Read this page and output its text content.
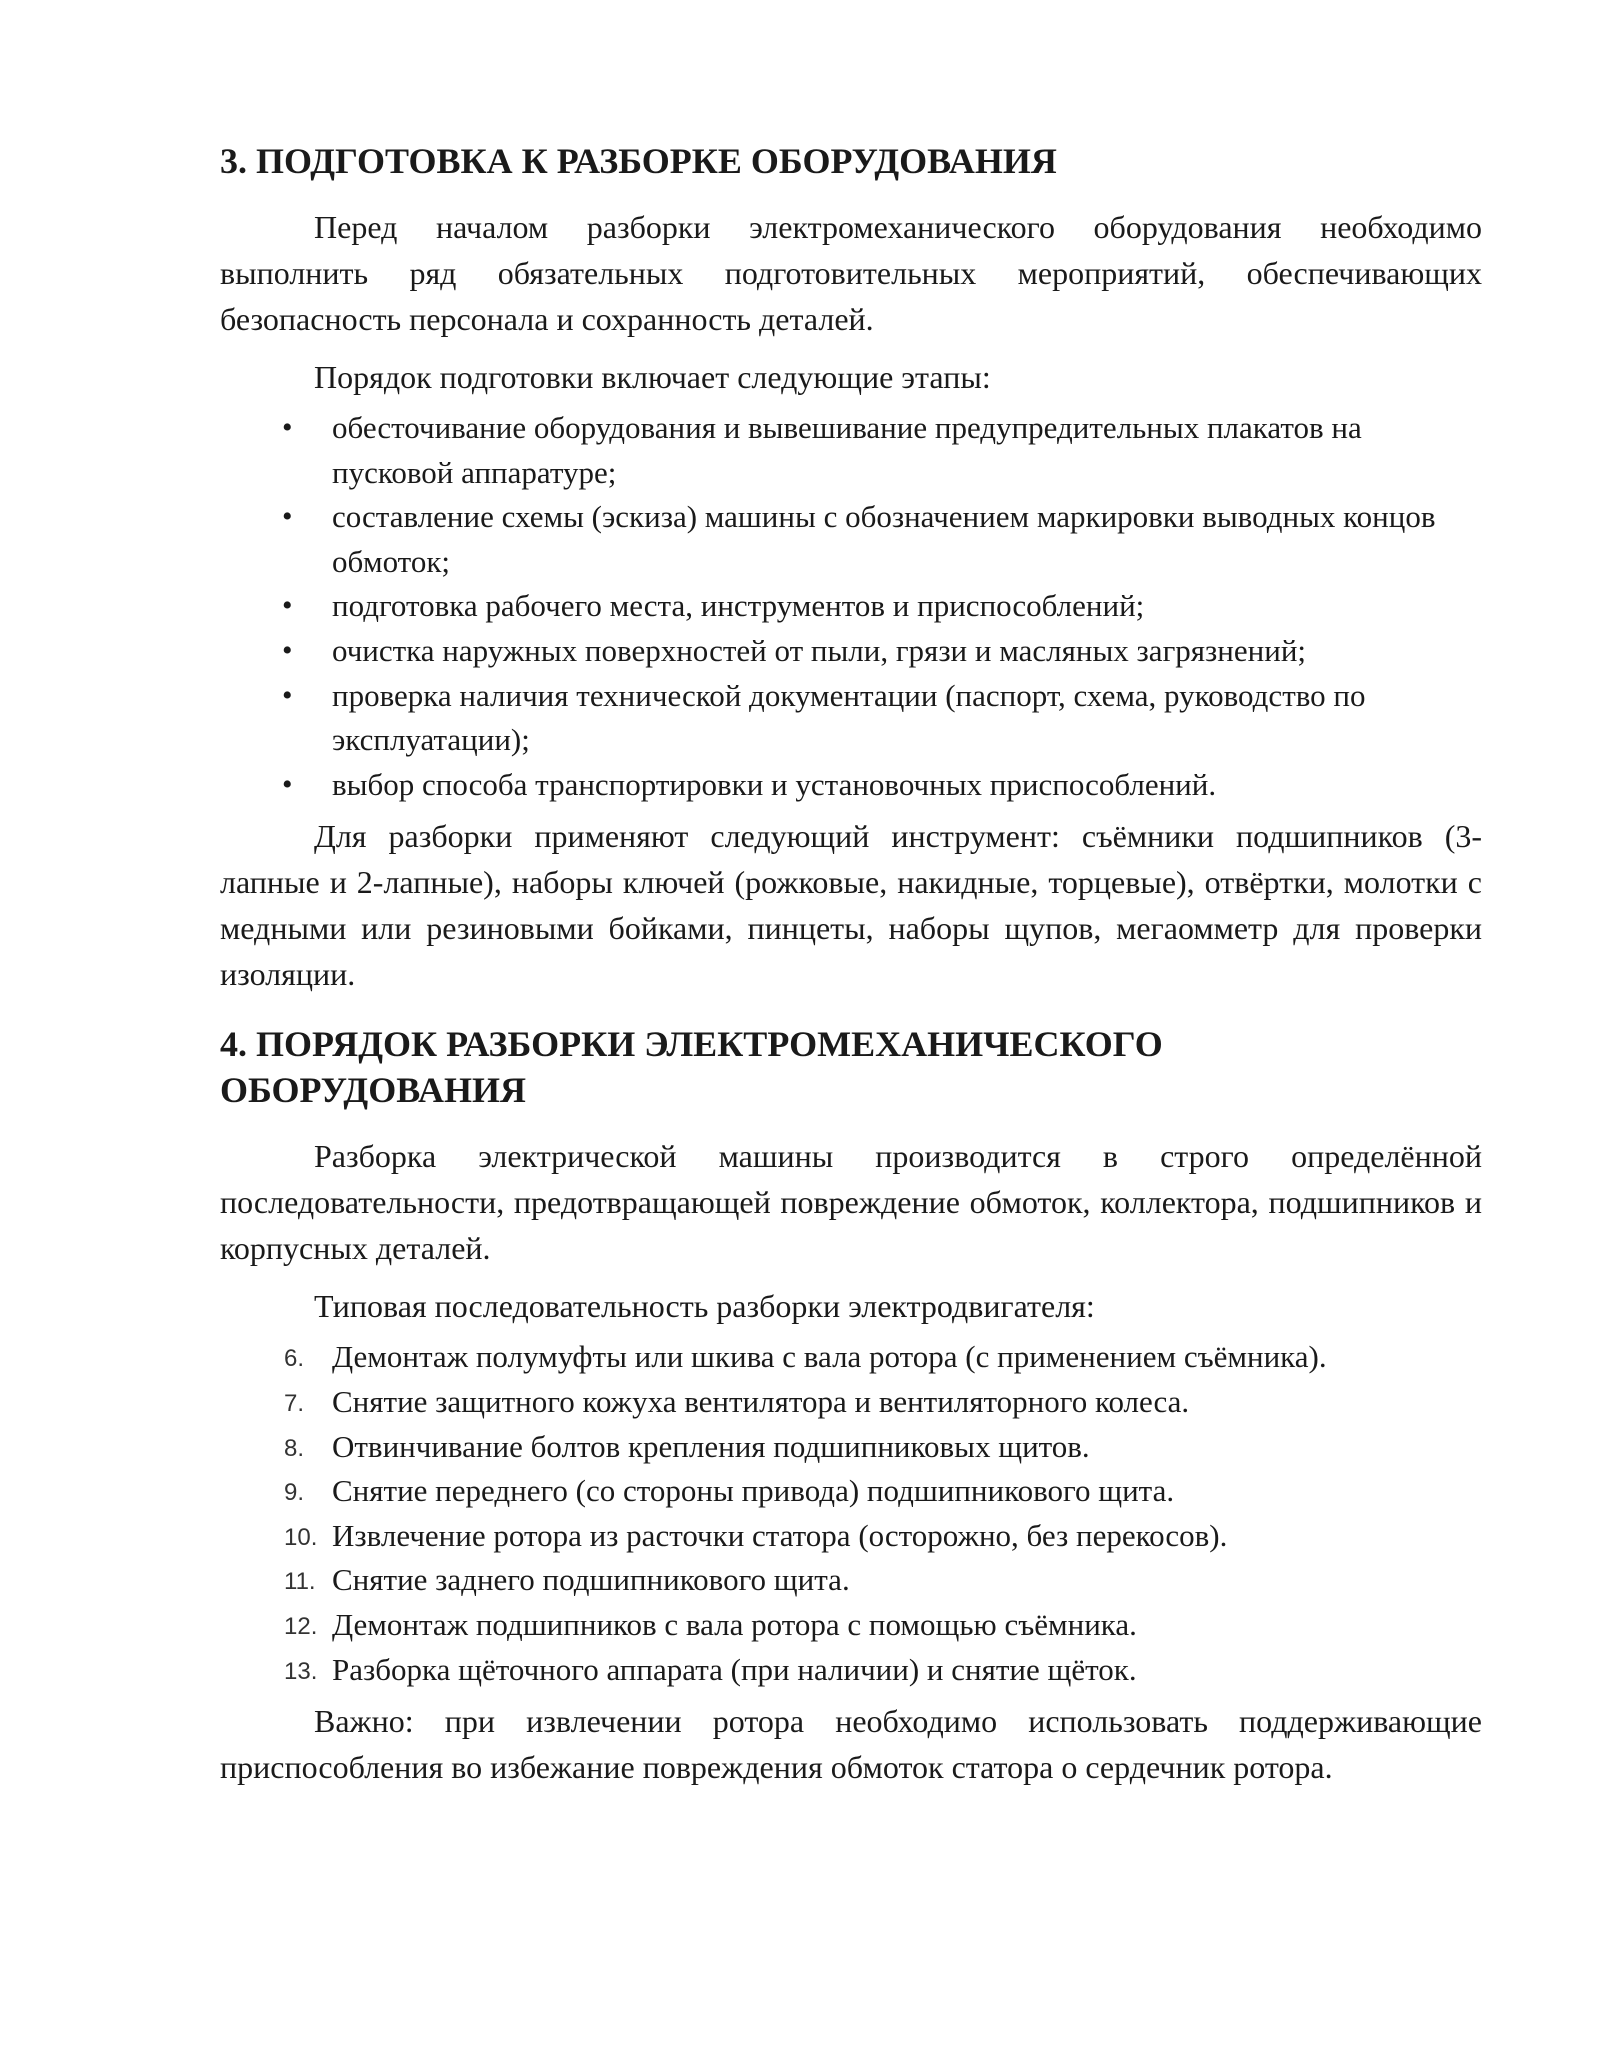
3. ПОДГОТОВКА К РАЗБОРКЕ ОБОРУДОВАНИЯ

Перед началом разборки электромеханического оборудования необходимо выполнить ряд обязательных подготовительных мероприятий, обеспечивающих безопасность персонала и сохранность деталей.

Порядок подготовки включает следующие этапы:

• обесточивание оборудования и вывешивание предупредительных плакатов на пусковой аппаратуре;
• составление схемы (эскиза) машины с обозначением маркировки выводных концов обмоток;
• подготовка рабочего места, инструментов и приспособлений;
• очистка наружных поверхностей от пыли, грязи и масляных загрязнений;
• проверка наличия технической документации (паспорт, схема, руководство по эксплуатации);
• выбор способа транспортировки и установочных приспособлений.

Для разборки применяют следующий инструмент: съёмники подшипников (3-лапные и 2-лапные), наборы ключей (рожковые, накидные, торцевые), отвёртки, молотки с медными или резиновыми бойками, пинцеты, наборы щупов, мегаомметр для проверки изоляции.

4. ПОРЯДОК РАЗБОРКИ ЭЛЕКТРОМЕХАНИЧЕСКОГО
ОБОРУДОВАНИЯ

Разборка электрической машины производится в строго определённой последовательности, предотвращающей повреждение обмоток, коллектора, подшипников и корпусных деталей.

Типовая последовательность разборки электродвигателя:

6. Демонтаж полумуфты или шкива с вала ротора (с применением съёмника).
7. Снятие защитного кожуха вентилятора и вентиляторного колеса.
8. Отвинчивание болтов крепления подшипниковых щитов.
9. Снятие переднего (со стороны привода) подшипникового щита.
10. Извлечение ротора из расточки статора (осторожно, без перекосов).
11. Снятие заднего подшипникового щита.
12. Демонтаж подшипников с вала ротора с помощью съёмника.
13. Разборка щёточного аппарата (при наличии) и снятие щёток.

Важно: при извлечении ротора необходимо использовать поддерживающие приспособления во избежание повреждения обмоток статора о сердечник ротора.
